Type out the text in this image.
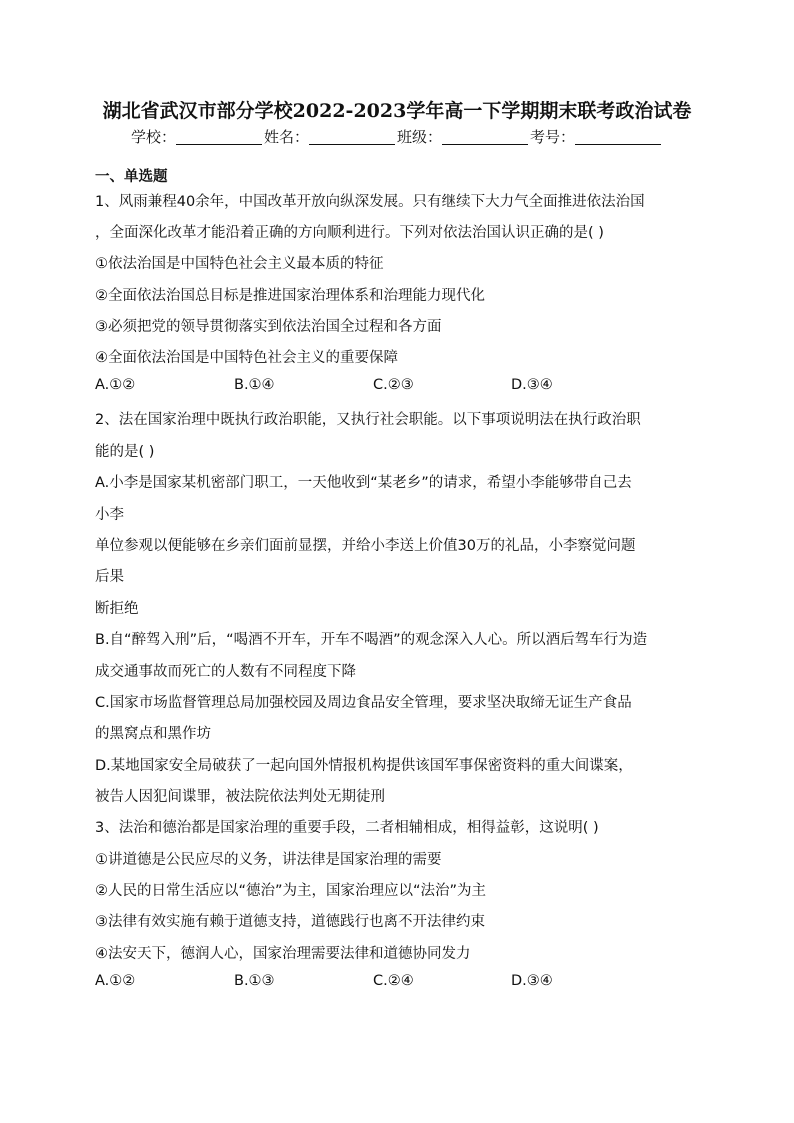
湖北省武汉市部分学校2022-2023学年高一下学期期末联考政治试卷
学校：	姓名：	班级：	考号：
一、单选题
1、风雨兼程40余年，中国改革开放向纵深发展。只有继续下大力气全面推进依法治国
，全面深化改革才能沿着正确的方向顺利进行。下列对依法治国认识正确的是( )
①依法治国是中国特色社会主义最本质的特征
②全面依法治国总目标是推进国家治理体系和治理能力现代化
③必须把党的领导贯彻落实到依法治国全过程和各方面
④全面依法治国是中国特色社会主义的重要保障
A.①②	B.①④	C.②③	D.③④
2、法在国家治理中既执行政治职能，又执行社会职能。以下事项说明法在执行政治职
能的是( )
A.小李是国家某机密部门职工，一天他收到“某老乡”的请求，希望小李能够带自己去
小李
单位参观以便能够在乡亲们面前显摆，并给小李送上价值30万的礼品，小李察觉问题
后果
断拒绝
B.自“醉驾入刑”后，“喝酒不开车，开车不喝酒”的观念深入人心。所以酒后驾车行为造
成交通事故而死亡的人数有不同程度下降
C.国家市场监督管理总局加强校园及周边食品安全管理，要求坚决取缔无证生产食品
的黑窝点和黑作坊
D.某地国家安全局破获了一起向国外情报机构提供该国军事保密资料的重大间谍案，
被告人因犯间谍罪，被法院依法判处无期徒刑
3、法治和德治都是国家治理的重要手段，二者相辅相成，相得益彰，这说明( )
①讲道德是公民应尽的义务，讲法律是国家治理的需要
②人民的日常生活应以“德治”为主，国家治理应以“法治”为主
③法律有效实施有赖于道德支持，道德践行也离不开法律约束
④法安天下，德润人心，国家治理需要法律和道德协同发力
A.①②	B.①③	C.②④	D.③④
